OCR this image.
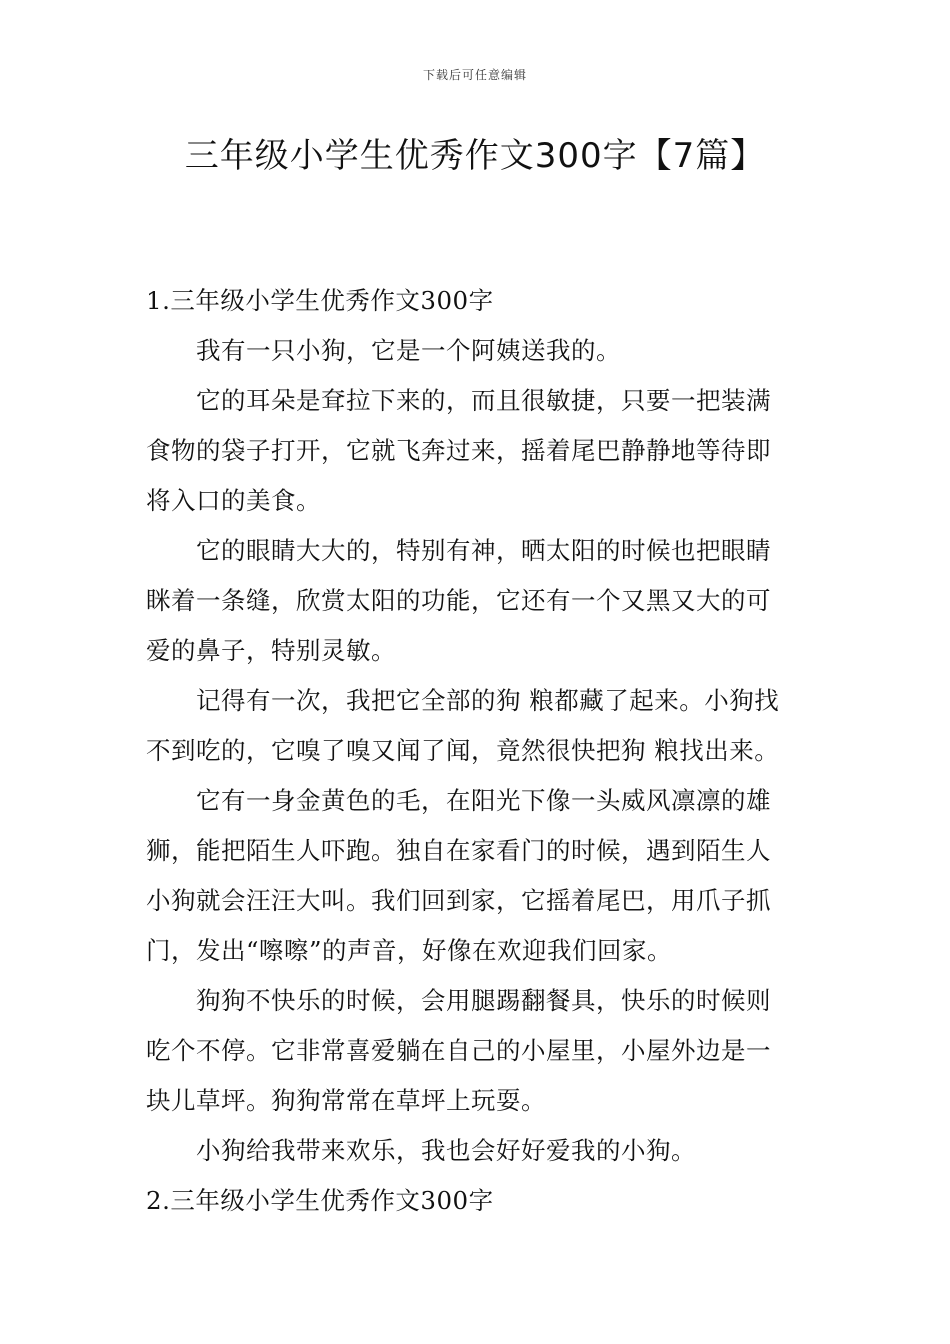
下载后可任意编辑
三年级小学生优秀作文300字【7篇】
1.三年级小学生优秀作文300字
我有一只小狗，它是一个阿姨送我的。
它的耳朵是耷拉下来的，而且很敏捷，只要一把装满
食物的袋子打开，它就飞奔过来，摇着尾巴静静地等待即
将入口的美食。
它的眼睛大大的，特别有神，晒太阳的时候也把眼睛
眯着一条缝，欣赏太阳的功能，它还有一个又黑又大的可
爱的鼻子，特别灵敏。
记得有一次，我把它全部的狗 粮都藏了起来。小狗找
不到吃的，它嗅了嗅又闻了闻，竟然很快把狗 粮找出来。
它有一身金黄色的毛，在阳光下像一头威风凛凛的雄
狮，能把陌生人吓跑。独自在家看门的时候，遇到陌生人
小狗就会汪汪大叫。我们回到家，它摇着尾巴，用爪子抓
门，发出“嚓嚓”的声音，好像在欢迎我们回家。
狗狗不快乐的时候，会用腿踢翻餐具，快乐的时候则
吃个不停。它非常喜爱躺在自己的小屋里，小屋外边是一
块儿草坪。狗狗常常在草坪上玩耍。
小狗给我带来欢乐，我也会好好爱我的小狗。
2.三年级小学生优秀作文300字
